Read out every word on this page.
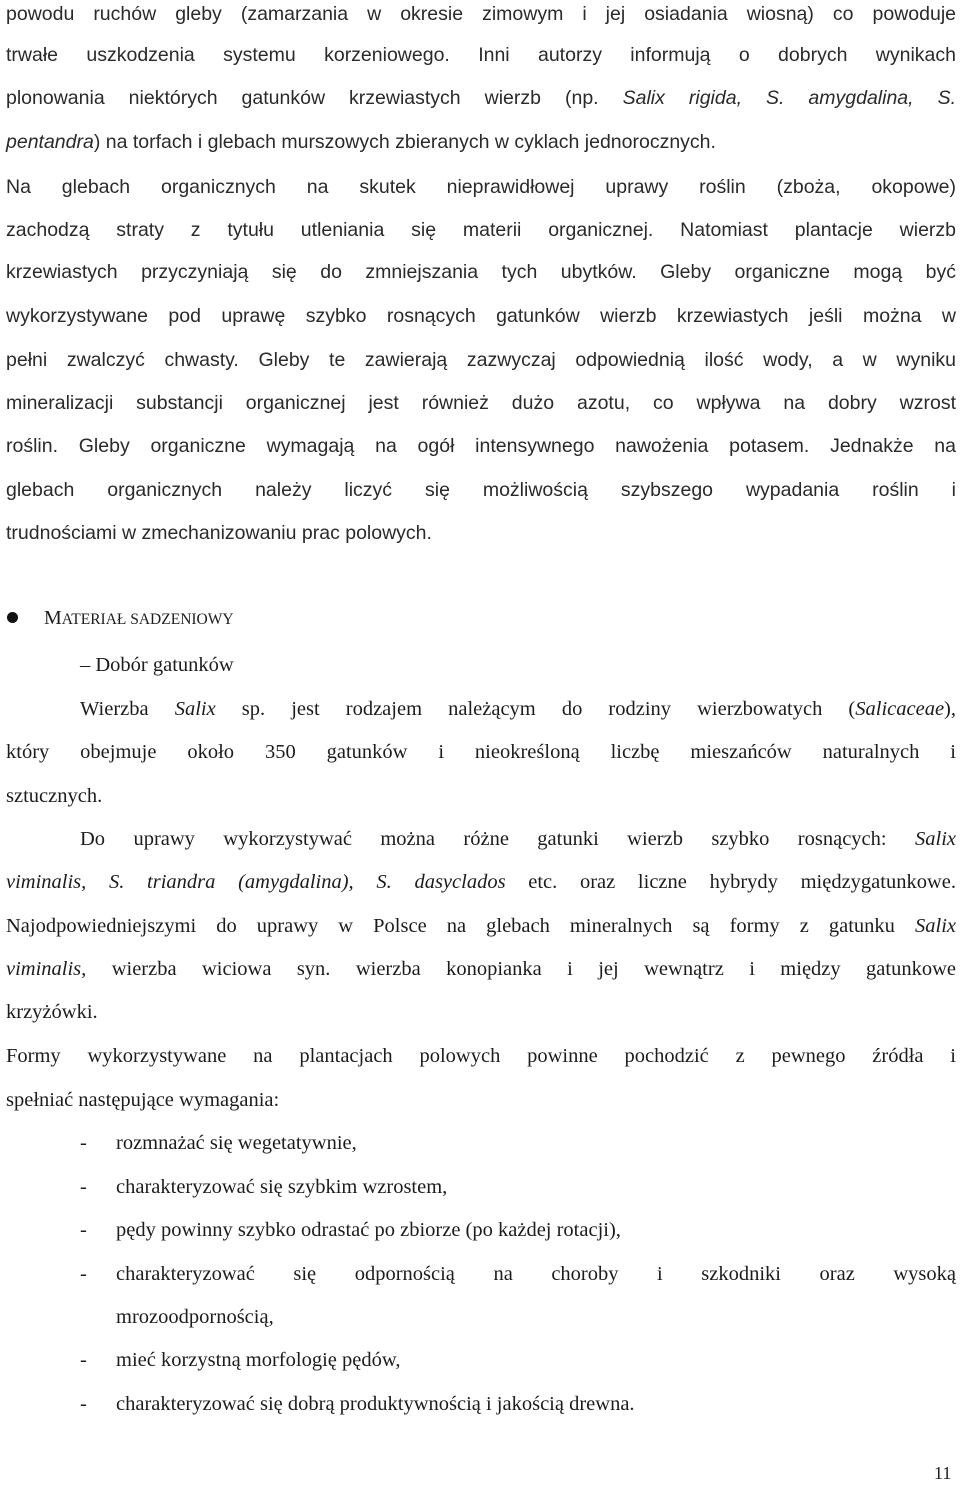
powodu ruchów gleby (zamarzania w okresie zimowym i jej osiadania wiosną) co powoduje
trwałe uszkodzenia systemu korzeniowego. Inni autorzy informują o dobrych wynikach
plonowania niektórych gatunków krzewiastych wierzb (np. Salix rigida, S. amygdalina, S.
pentandra) na torfach i glebach murszowych zbieranych w cyklach jednorocznych.
Na glebach organicznych na skutek nieprawidłowej uprawy roślin (zboża, okopowe)
zachodzą straty z tytułu utleniania się materii organicznej. Natomiast plantacje wierzb
krzewiastych przyczyniają się do zmniejszania tych ubytków. Gleby organiczne mogą być
wykorzystywane pod uprawę szybko rosnących gatunków wierzb krzewiastych jeśli można w
pełni zwalczyć chwasty. Gleby te zawierają zazwyczaj odpowiednią ilość wody, a w wyniku
mineralizacji substancji organicznej jest również dużo azotu, co wpływa na dobry wzrost
roślin. Gleby organiczne wymagają na ogół intensywnego nawożenia potasem. Jednakże na
glebach organicznych należy liczyć się możliwością szybszego wypadania roślin i
trudnościami w zmechanizowaniu prac polowych.
MATERIAŁ SADZENIOWY
– Dobór gatunków
Wierzba Salix sp. jest rodzajem należącym do rodziny wierzbowatych (Salicaceae),
który obejmuje około 350 gatunków i nieokreśloną liczbę mieszańców naturalnych i
sztucznych.
Do uprawy wykorzystywać można różne gatunki wierzb szybko rosnących: Salix
viminalis, S. triandra (amygdalina), S. dasyclados etc. oraz liczne hybrydy międzygatunkowe.
Najodpowiedniejszymi do uprawy w Polsce na glebach mineralnych są formy z gatunku Salix
viminalis, wierzba wiciowa syn. wierzba konopianka i jej wewnątrz i między gatunkowe
krzyżówki.
Formy wykorzystywane na plantacjach polowych powinne pochodzić z pewnego źródła i
spełniać następujące wymagania:
- rozmnażać się wegetatywnie,
- charakteryzować się szybkim wzrostem,
- pędy powinny szybko odrastać po zbiorze (po każdej rotacji),
- charakteryzować się odpornością na choroby i szkodniki oraz wysoką
mrozoodpornością,
- mieć korzystną morfologię pędów,
- charakteryzować się dobrą produktywnością i jakością drewna.
11
